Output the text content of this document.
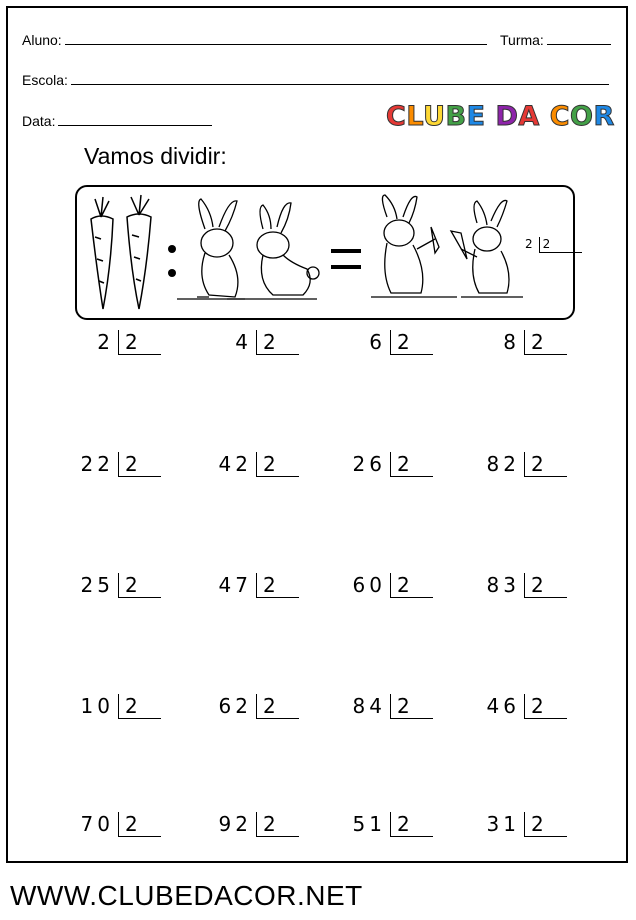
Aluno:	Turma:
Escola:
Data:	CLUBE DA COR
Vamos dividir:
2 2
2 2	4 2	6 2	8 2
22 2	42 2	26 2	82 2
25 2	47 2	60 2	83 2
10 2	62 2	84 2	46 2
70 2	92 2	51 2	31 2
WWW.CLUBEDACOR.NET
